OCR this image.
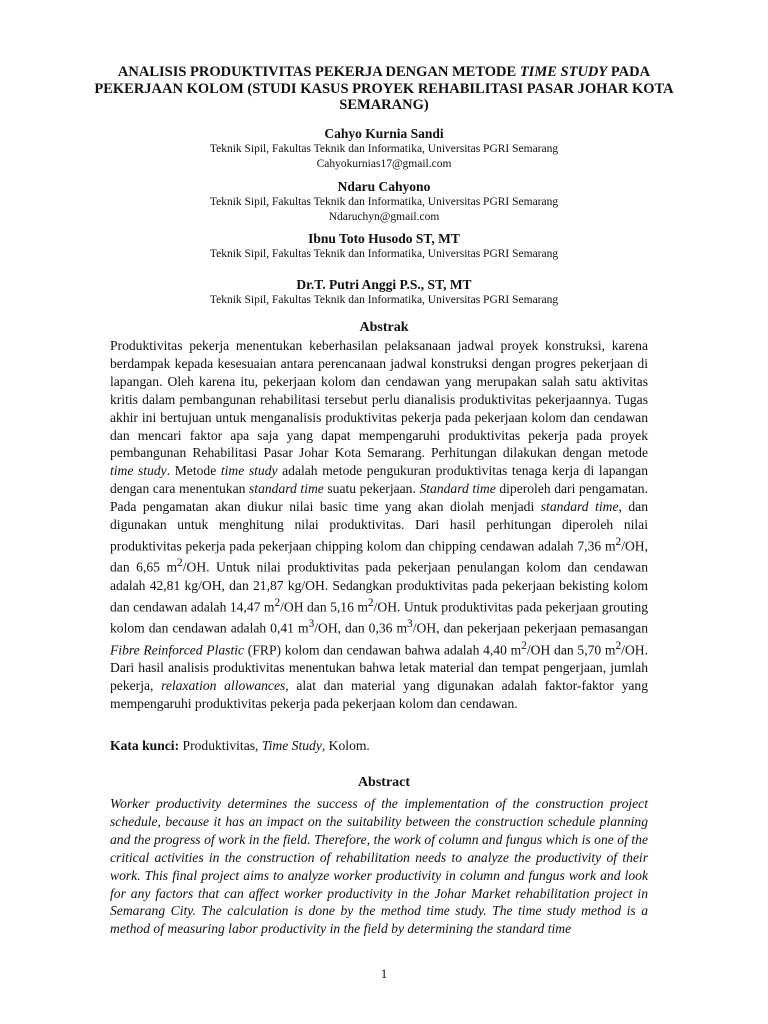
ANALISIS PRODUKTIVITAS PEKERJA DENGAN METODE TIME STUDY PADA PEKERJAAN KOLOM (STUDI KASUS PROYEK REHABILITASI PASAR JOHAR KOTA SEMARANG)
Cahyo Kurnia Sandi
Teknik Sipil, Fakultas Teknik dan Informatika, Universitas PGRI Semarang
Cahyokurnias17@gmail.com
Ndaru Cahyono
Teknik Sipil, Fakultas Teknik dan Informatika, Universitas PGRI Semarang
Ndaruchyn@gmail.com
Ibnu Toto Husodo ST, MT
Teknik Sipil, Fakultas Teknik dan Informatika, Universitas PGRI Semarang
Dr.T. Putri Anggi P.S., ST, MT
Teknik Sipil, Fakultas Teknik dan Informatika, Universitas PGRI Semarang
Abstrak
Produktivitas pekerja menentukan keberhasilan pelaksanaan jadwal proyek konstruksi, karena berdampak kepada kesesuaian antara perencanaan jadwal konstruksi dengan progres pekerjaan di lapangan. Oleh karena itu, pekerjaan kolom dan cendawan yang merupakan salah satu aktivitas kritis dalam pembangunan rehabilitasi tersebut perlu dianalisis produktivitas pekerjaannya. Tugas akhir ini bertujuan untuk menganalisis produktivitas pekerja pada pekerjaan kolom dan cendawan dan mencari faktor apa saja yang dapat mempengaruhi produktivitas pekerja pada proyek pembangunan Rehabilitasi Pasar Johar Kota Semarang. Perhitungan dilakukan dengan metode time study. Metode time study adalah metode pengukuran produktivitas tenaga kerja di lapangan dengan cara menentukan standard time suatu pekerjaan. Standard time diperoleh dari pengamatan. Pada pengamatan akan diukur nilai basic time yang akan diolah menjadi standard time, dan digunakan untuk menghitung nilai produktivitas. Dari hasil perhitungan diperoleh nilai produktivitas pekerja pada pekerjaan chipping kolom dan chipping cendawan adalah 7,36 $m^2/OH$, dan 6,65 $m^2/OH$. Untuk nilai produktivitas pada pekerjaan penulangan kolom dan cendawan adalah 42,81 kg/OH, dan 21,87 kg/OH. Sedangkan produktivitas pada pekerjaan bekisting kolom dan cendawan adalah 14,47 $m^2/OH$ dan 5,16 $m^2/OH$. Untuk produktivitas pada pekerjaan grouting kolom dan cendawan adalah 0,41 $m^3/OH$, dan 0,36 $m^3/OH$, dan pekerjaan pekerjaan pemasangan Fibre Reinforced Plastic (FRP) kolom dan cendawan bahwa adalah 4,40 $m^2/OH$ dan 5,70 $m^2/OH$. Dari hasil analisis produktivitas menentukan bahwa letak material dan tempat pengerjaan, jumlah pekerja, relaxation allowances, alat dan material yang digunakan adalah faktor-faktor yang mempengaruhi produktivitas pekerja pada pekerjaan kolom dan cendawan.
Kata kunci: Produktivitas, Time Study, Kolom.
Abstract
Worker productivity determines the success of the implementation of the construction project schedule, because it has an impact on the suitability between the construction schedule planning and the progress of work in the field. Therefore, the work of column and fungus which is one of the critical activities in the construction of rehabilitation needs to analyze the productivity of their work. This final project aims to analyze worker productivity in column and fungus work and look for any factors that can affect worker productivity in the Johar Market rehabilitation project in Semarang City. The calculation is done by the method time study. The time study method is a method of measuring labor productivity in the field by determining the standard time
1
